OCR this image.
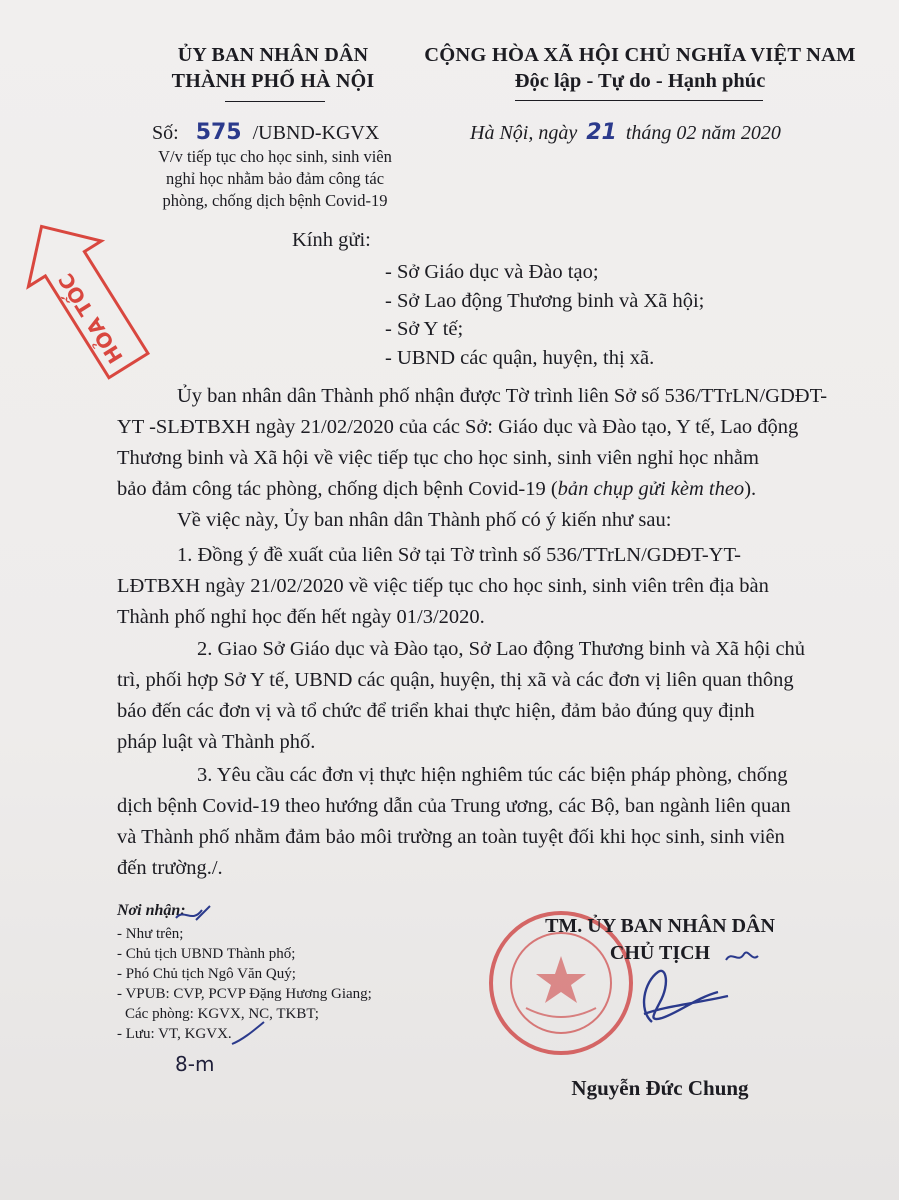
ỦY BAN NHÂN DÂN
THÀNH PHỐ HÀ NỘI
CỘNG HÒA XÃ HỘI CHỦ NGHĨA VIỆT NAM
Độc lập - Tự do - Hạnh phúc
Số: 575 /UBND-KGVX	Hà Nội, ngày 21 tháng 02 năm 2020
V/v tiếp tục cho học sinh, sinh viên
nghỉ học nhằm bảo đảm công tác
phòng, chống dịch bệnh Covid-19
HỎA TỐC
Kính gửi:
- Sở Giáo dục và Đào tạo;
- Sở Lao động Thương binh và Xã hội;
- Sở Y tế;
- UBND các quận, huyện, thị xã.
Ủy ban nhân dân Thành phố nhận được Tờ trình liên Sở số 536/TTrLN/GDĐT-
YT -SLĐTBXH ngày 21/02/2020 của các Sở: Giáo dục và Đào tạo, Y tế, Lao động
Thương binh và Xã hội về việc tiếp tục cho học sinh, sinh viên nghỉ học nhằm
bảo đảm công tác phòng, chống dịch bệnh Covid-19 (bản chụp gửi kèm theo).
Về việc này, Ủy ban nhân dân Thành phố có ý kiến như sau:
1. Đồng ý đề xuất của liên Sở tại Tờ trình số 536/TTrLN/GDĐT-YT-
LĐTBXH ngày 21/02/2020 về việc tiếp tục cho học sinh, sinh viên trên địa bàn
Thành phố nghỉ học đến hết ngày 01/3/2020.
2. Giao Sở Giáo dục và Đào tạo, Sở Lao động Thương binh và Xã hội chủ
trì, phối hợp Sở Y tế, UBND các quận, huyện, thị xã và các đơn vị liên quan thông
báo đến các đơn vị và tổ chức để triển khai thực hiện, đảm bảo đúng quy định
pháp luật và Thành phố.
3. Yêu cầu các đơn vị thực hiện nghiêm túc các biện pháp phòng, chống
dịch bệnh Covid-19 theo hướng dẫn của Trung ương, các Bộ, ban ngành liên quan
và Thành phố nhằm đảm bảo môi trường an toàn tuyệt đối khi học sinh, sinh viên
đến trường./.
Nơi nhận:
- Như trên;
- Chủ tịch UBND Thành phố;
- Phó Chủ tịch Ngô Văn Quý;
- VPUB: CVP, PCVP Đặng Hương Giang;
Các phòng: KGVX, NC, TKBT;
- Lưu: VT, KGVX.
8-m
TM. ỦY BAN NHÂN DÂN
CHỦ TỊCH
Nguyễn Đức Chung
